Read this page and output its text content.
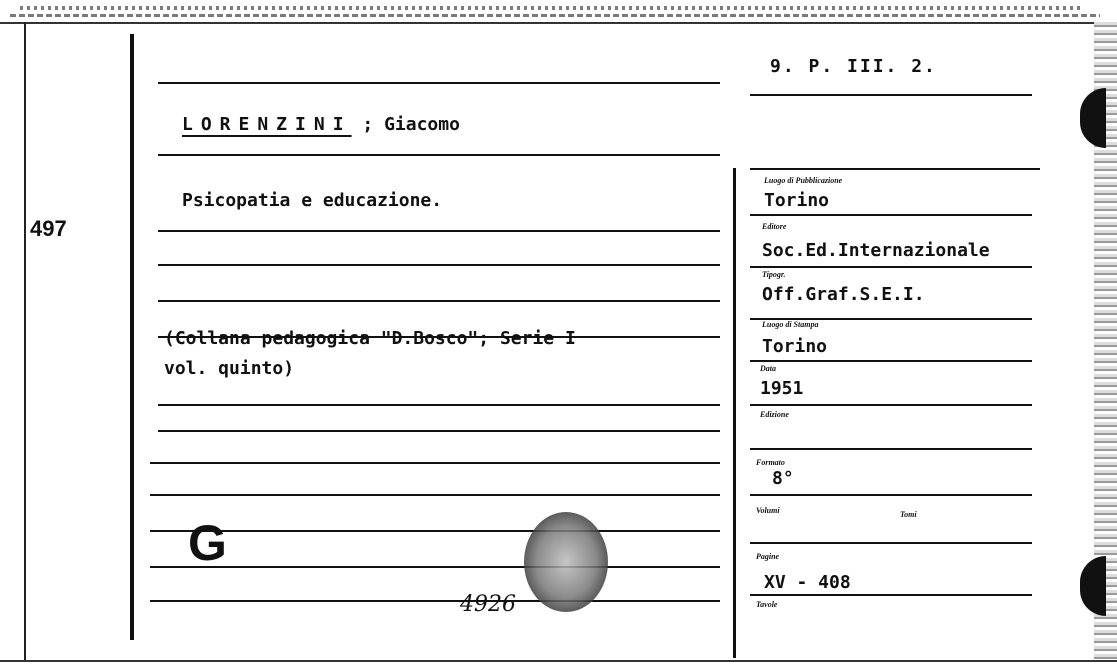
497
9. P. III. 2.
LORENZINI ; Giacomo
Psicopatia e educazione.
(Collana pedagogica "D.Bosco"; Serie I
vol. quinto)
Luogo di Pubblicazione
Torino
Editore
Soc.Ed.Internazionale
Tipogr.
Off.Graf.S.E.I.
Luogo di Stampa
Torino
Data
1951
Edizione
Formato
8°
Volumi	Tomi
Pagine
XV - 408
Tavole
G
4926
